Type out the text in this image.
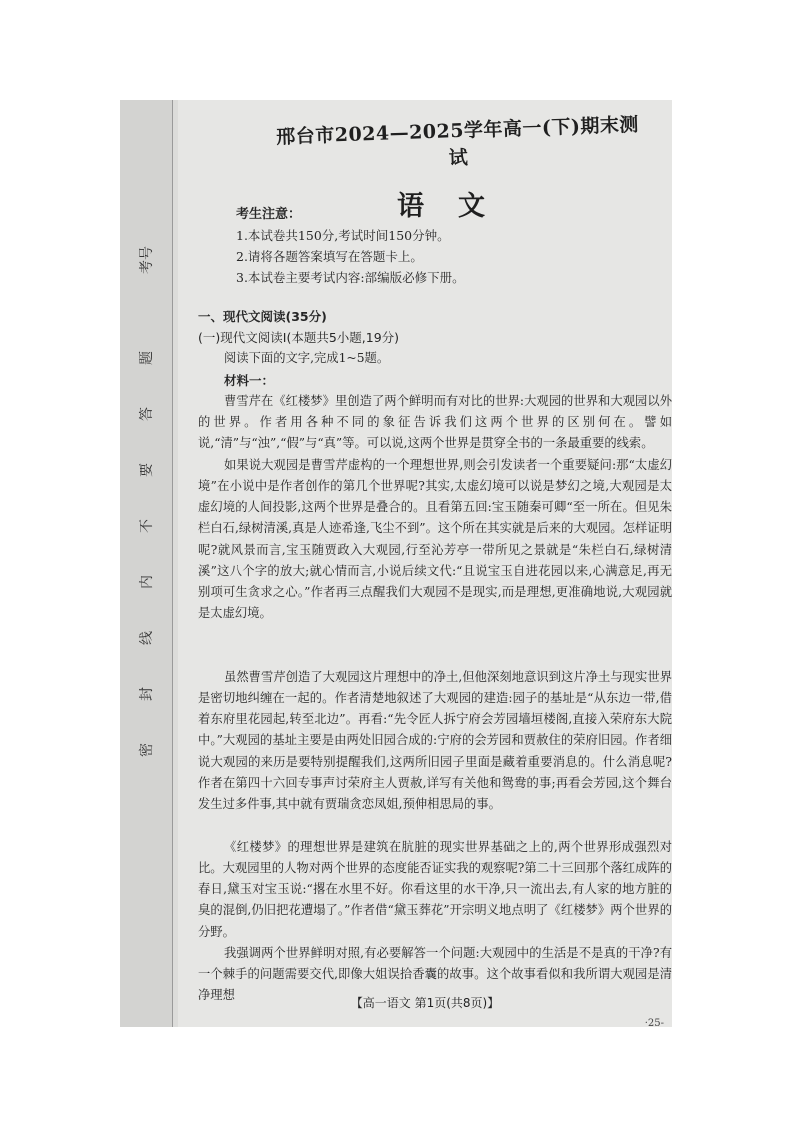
考号
题
答
要
不
内
线
封
密
邢台市2024—2025学年高一(下)期末测试
语文
考生注意：
1.本试卷共150分,考试时间150分钟。
2.请将各题答案填写在答题卡上。
3.本试卷主要考试内容:部编版必修下册。
一、现代文阅读(35分)
(一)现代文阅读Ⅰ(本题共5小题,19分)
阅读下面的文字,完成1~5题。
材料一：

曹雪芹在《红楼梦》里创造了两个鲜明而有对比的世界:大观园的世界和大观园以外的世界。作者用各种不同的象征告诉我们这两个世界的区别何在。譬如说,“清”与“浊”,“假”与“真”等。可以说,这两个世界是贯穿全书的一条最重要的线索。

如果说大观园是曹雪芹虚构的一个理想世界,则会引发读者一个重要疑问:那“太虚幻境”在小说中是作者创作的第几个世界呢?其实,太虚幻境可以说是梦幻之境,大观园是太虚幻境的人间投影,这两个世界是叠合的。且看第五回:宝玉随秦可卿“至一所在。但见朱栏白石,绿树清溪,真是人迹希逢,飞尘不到”。这个所在其实就是后来的大观园。怎样证明呢?就风景而言,宝玉随贾政入大观园,行至沁芳亭一带所见之景就是“朱栏白石,绿树清溪”这八个字的放大;就心情而言,小说后续文代:“且说宝玉自进花园以来,心满意足,再无别项可生贪求之心。”作者再三点醒我们大观园不是现实,而是理想,更准确地说,大观园就是太虚幻境。

虽然曹雪芹创造了大观园这片理想中的净土,但他深刻地意识到这片净土与现实世界是密切地纠缠在一起的。作者清楚地叙述了大观园的建造:园子的基址是“从东边一带,借着东府里花园起,转至北边”。再看:“先令匠人拆宁府会芳园墙垣楼阁,直接入荣府东大院中。”大观园的基址主要是由两处旧园合成的:宁府的会芳园和贾赦住的荣府旧园。作者细说大观园的来历是要特别提醒我们,这两所旧园子里面是藏着重要消息的。什么消息呢?作者在第四十六回专事声讨荣府主人贾赦,详写有关他和鸳鸯的事;再看会芳园,这个舞台发生过多件事,其中就有贾瑞贪恋凤姐,预伸相思局的事。

《红楼梦》的理想世界是建筑在肮脏的现实世界基础之上的,两个世界形成强烈对比。大观园里的人物对两个世界的态度能否证实我的观察呢?第二十三回那个落红成阵的春日,黛玉对宝玉说:“撂在水里不好。你看这里的水干净,只一流出去,有人家的地方脏的臭的混倒,仍旧把花遭塌了。”作者借“黛玉葬花”开宗明义地点明了《红楼梦》两个世界的分野。

我强调两个世界鲜明对照,有必要解答一个问题:大观园中的生活是不是真的干净?有一个棘手的问题需要交代,即像大姐误拾香囊的故事。这个故事看似和我所谓大观园是清净理想

【高一语文 第1页(共8页)】
·25-
